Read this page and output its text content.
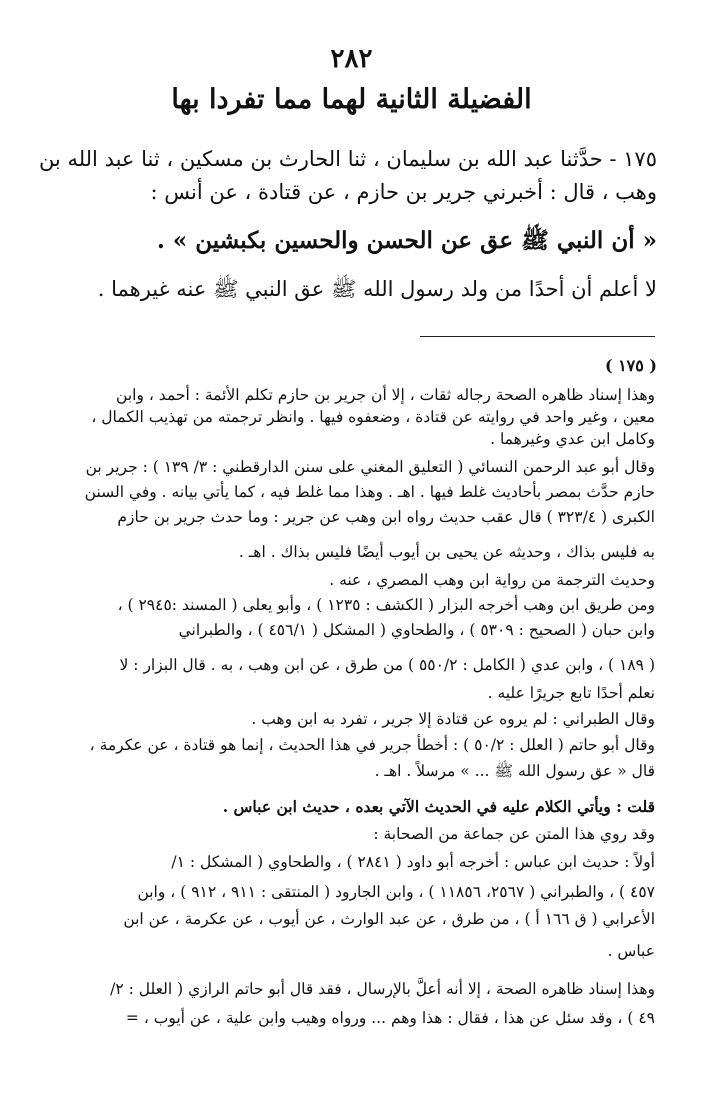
٢٨٢
الفضيلة الثانية لهما مما تفردا بها
١٧٥ - حدَّثنا عبد الله بن سليمان ، ثنا الحارث بن مسكين ، ثنا عبد الله بن
وهب ، قال : أخبرني جرير بن حازم ، عن قتادة ، عن أنس :
« أن النبي ﷺ عق عن الحسن والحسين بكبشين » .
لا أعلم أن أحدًا من ولد رسول الله ﷺ عق النبي ﷺ عنه غيرهما .
( ١٧٥ )
وهذا إسناد ظاهره الصحة رجاله ثقات ، إلا أن جرير بن حازم تكلم الأئمة : أحمد ، وابن
معين ، وغير واحد في روايته عن قتادة ، وضعفوه فيها . وانظر ترجمته من تهذيب الكمال ،
وكامل ابن عدي وغيرهما .
وقال أبو عبد الرحمن النسائي ( التعليق المغني على سنن الدارقطني : ٣/ ١٣٩ ) : جرير بن
حازم حدَّث بمصر بأحاديث غلط فيها . اهـ . وهذا مما غلط فيه ، كما يأتي بيانه . وفي السنن
الكبرى ( ٣٢٣/٤ ) قال عقب حديث رواه ابن وهب عن جرير : وما حدث جرير بن حازم
به فليس بذاك ، وحديثه عن يحيى بن أيوب أيضًا فليس بذاك . اهـ .
وحديث الترجمة من رواية ابن وهب المصري ، عنه .
ومن طريق ابن وهب أخرجه البزار ( الكشف : ١٢٣٥ ) ، وأبو يعلى ( المسند :٢٩٤٥ ) ،
وابن حبان ( الصحيح : ٥٣٠٩ ) ، والطحاوي ( المشكل ( ٤٥٦/١ ) ، والطبراني
( ١٨٩ ) ، وابن عدي ( الكامل : ٥٥٠/٢ ) من طرق ، عن ابن وهب ، به . قال البزار : لا
نعلم أحدًا تابع جريرًا عليه .
وقال الطبراني : لم يروه عن قتادة إلا جرير ، تفرد به ابن وهب .
وقال أبو حاتم ( العلل : ٥٠/٢ ) : أخطأ جرير في هذا الحديث ، إنما هو قتادة ، عن عكرمة ،
قال « عق رسول الله ﷺ ... » مرسلاً . اهـ .
قلت : ويأتي الكلام عليه في الحديث الآتي بعده ، حديث ابن عباس .
وقد روي هذا المتن عن جماعة من الصحابة :
أولاً : حديث ابن عباس : أخرجه أبو داود ( ٢٨٤١ ) ، والطحاوي ( المشكل : ١/
٤٥٧ ) ، والطبراني ( ٢٥٦٧، ١١٨٥٦ ) ، وابن الجارود ( المنتقى : ٩١١ ، ٩١٢ ) ، وابن
الأعرابي ( ق ١٦٦ أ ) ، من طرق ، عن عبد الوارث ، عن أيوب ، عن عكرمة ، عن ابن
عباس .
وهذا إسناد ظاهره الصحة ، إلا أنه أعلَّ بالإرسال ، فقد قال أبو حاتم الرازي ( العلل : ٢/
٤٩ ) ، وقد سئل عن هذا ، فقال : هذا وهم ... ورواه وهيب وابن علية ، عن أيوب ، =
